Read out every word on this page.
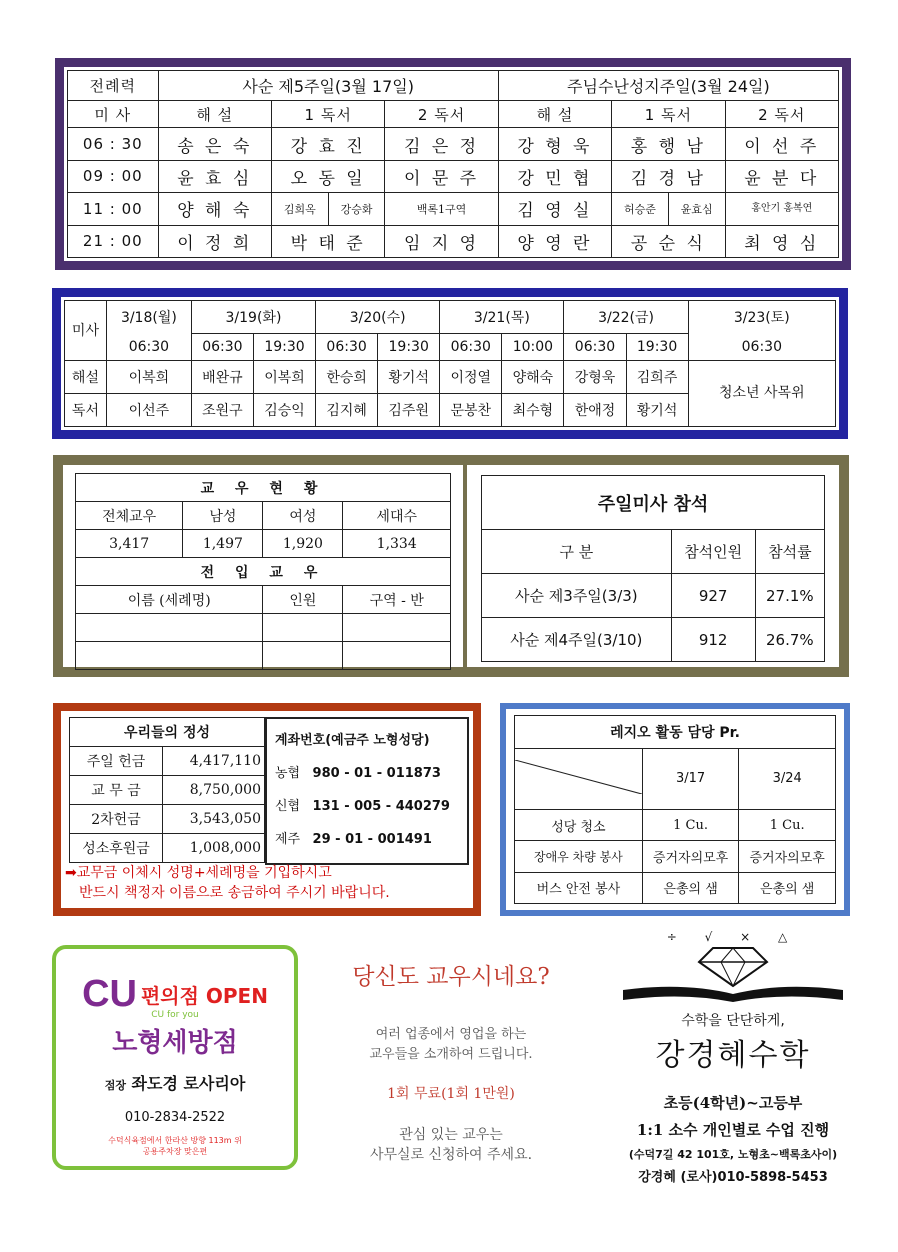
전례력	사순 제5주일(3월 17일)				주님수난성지주일(3월 24일)		
미 사	해 설	1 독서		2 독서	해 설	1 독서	2 독서
06 : 30	송 은 숙	강 효 진		김 은 정	강 형 욱	홍 행 남	이 선 주
09 : 00	윤 효 심	오 동 일		이 문 주	강 민 협	김 경 남	윤 분 다
11 : 00	양 해 숙	김희옥	강승화	백록1구역	김 영 실	허승준 윤효심	홍안기 홍복연
21 : 00	이 정 희	박 태 준		임 지 영	양 영 란	공 순 식	최 영 심
미사	3/18(월)	3/19(화)		3/20(수)		3/21(목)		3/22(금)		3/23(토)
	06:30	06:30	19:30	06:30	19:30	06:30	10:00	06:30	19:30	06:30
해설	이복희	배완규	이복희	한승희	황기석	이정열	양해숙	강형욱	김희주	청소년 사목위
독서	이선주	조원구	김승익	김지혜	김주원	문봉찬	최수형	한애정	황기석	
교 우 현 황			
전체교우	남성	여성	세대수
3,417	1,497	1,920	1,334
전 입 교 우			
이름 (세례명)		인원	구역 - 반

주일미사 참석		
구 분	참석인원	참석률
사순 제3주일(3/3)	927	27.1%
사순 제4주일(3/10)	912	26.7%
우리들의 정성	
주일 헌금	4,417,110
교 무 금	8,750,000
2차헌금	3,543,050
성소후원금	1,008,000
계좌번호(예금주 노형성당)
농협 980 - 01 - 011873
신협 131 - 005 - 440279
제주 29 - 01 - 001491
➡교무금 이체시 성명+세례명을 기입하시고
반드시 책정자 이름으로 송금하여 주시기 바랍니다.
레지오 활동 담당 Pr.		
	3/17	3/24
성당 청소	1 Cu.	1 Cu.
장애우 차량 봉사	증거자의모후	증거자의모후
버스 안전 봉사	은총의 샘	은총의 샘
CU 편의점 OPEN
CU for you
노형세방점
점장 좌도경 로사리아
010-2834-2522
수덕식육점에서 한라산 방향 113m 위
공용주차장 맞은편
당신도 교우시네요?
여러 업종에서 영업을 하는
교우들을 소개하여 드립니다.
1회 무료(1회 1만원)
관심 있는 교우는
사무실로 신청하여 주세요.
÷ √ × △
수학을 단단하게,
강경혜수학
초등(4학년)~고등부
1:1 소수 개인별로 수업 진행
(수덕7길 42 101호, 노형초~백록초사이)
강경혜 (로사)010-5898-5453
